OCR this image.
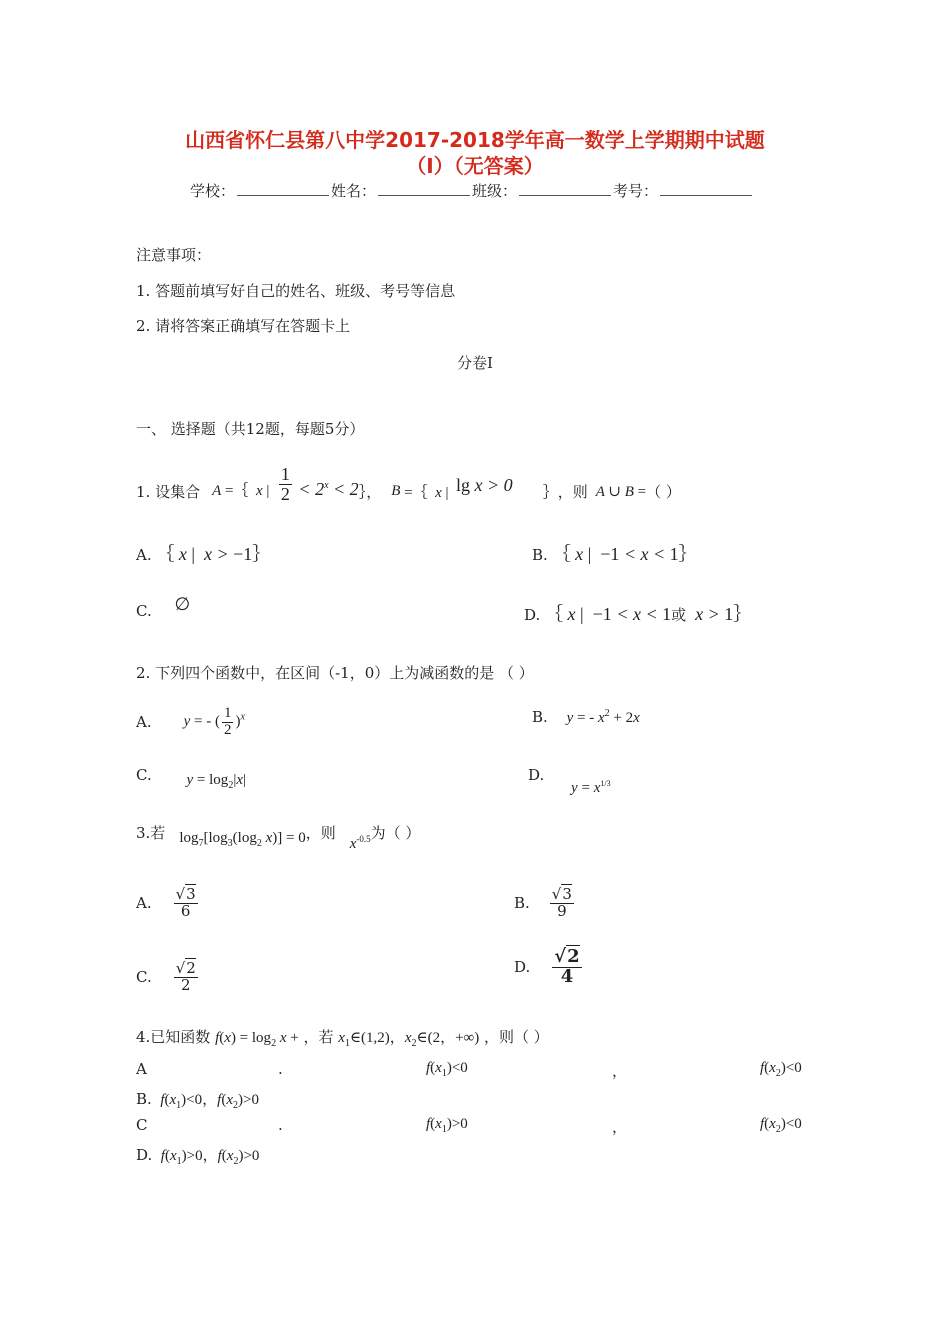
山西省怀仁县第八中学2017-2018学年高一数学上学期期中试题
（Ⅰ）（无答案）
学校：	姓名：	班级：	考号：
注意事项：
1. 答题前填写好自己的姓名、班级、考号等信息
2. 请将答案正确填写在答题卡上
分卷I
一、 选择题（共12题，每题5分）
1. 设集合 A =｛  x | $\frac{1}{2} < 2^x < 2$ ｝， B =｛  x | lg x > 0 ｝ ，则 A ∪ B = （ ）
A. ｛ x |  x > −1｝	B. ｛ x | −1 < x < 1｝
C. ∅	D. ｛ x | −1 < x < 1或  x > 1｝
2. 下列四个函数中，在区间（-1，0）上为减函数的是 （ ）
A. y = - ( $\frac{1}{2} )^x$	B. y = - $x^2 + 2x$
C. $y = \log_2|x|$	D. $y = x^{1/3}$
3.若 $\log_7[\log_3(\log_2$ x)] = 0 ，则
$x^{-0.5}$ 为（ ）
A. $\frac{√3}{6}$	B. $\frac{√3}{9}$
C. $\frac{√2}{2}$	D. $\frac{√2}{4}$
4.已知函数 $f(x) = \log_2 x$ + ，若 $x_1\in(1,2)$，$x_2\in(2$，+∞) ，则（ ）
A	.	$f(x_1)<0$	，	$f(x_2)<0$
B.  $f(x_1)<0$，$f(x_2)>0$
C	.	$f(x_1)>0$	，	$f(x_2)<0$
D.  $f(x_1)>0$，$f(x_2)>0$
